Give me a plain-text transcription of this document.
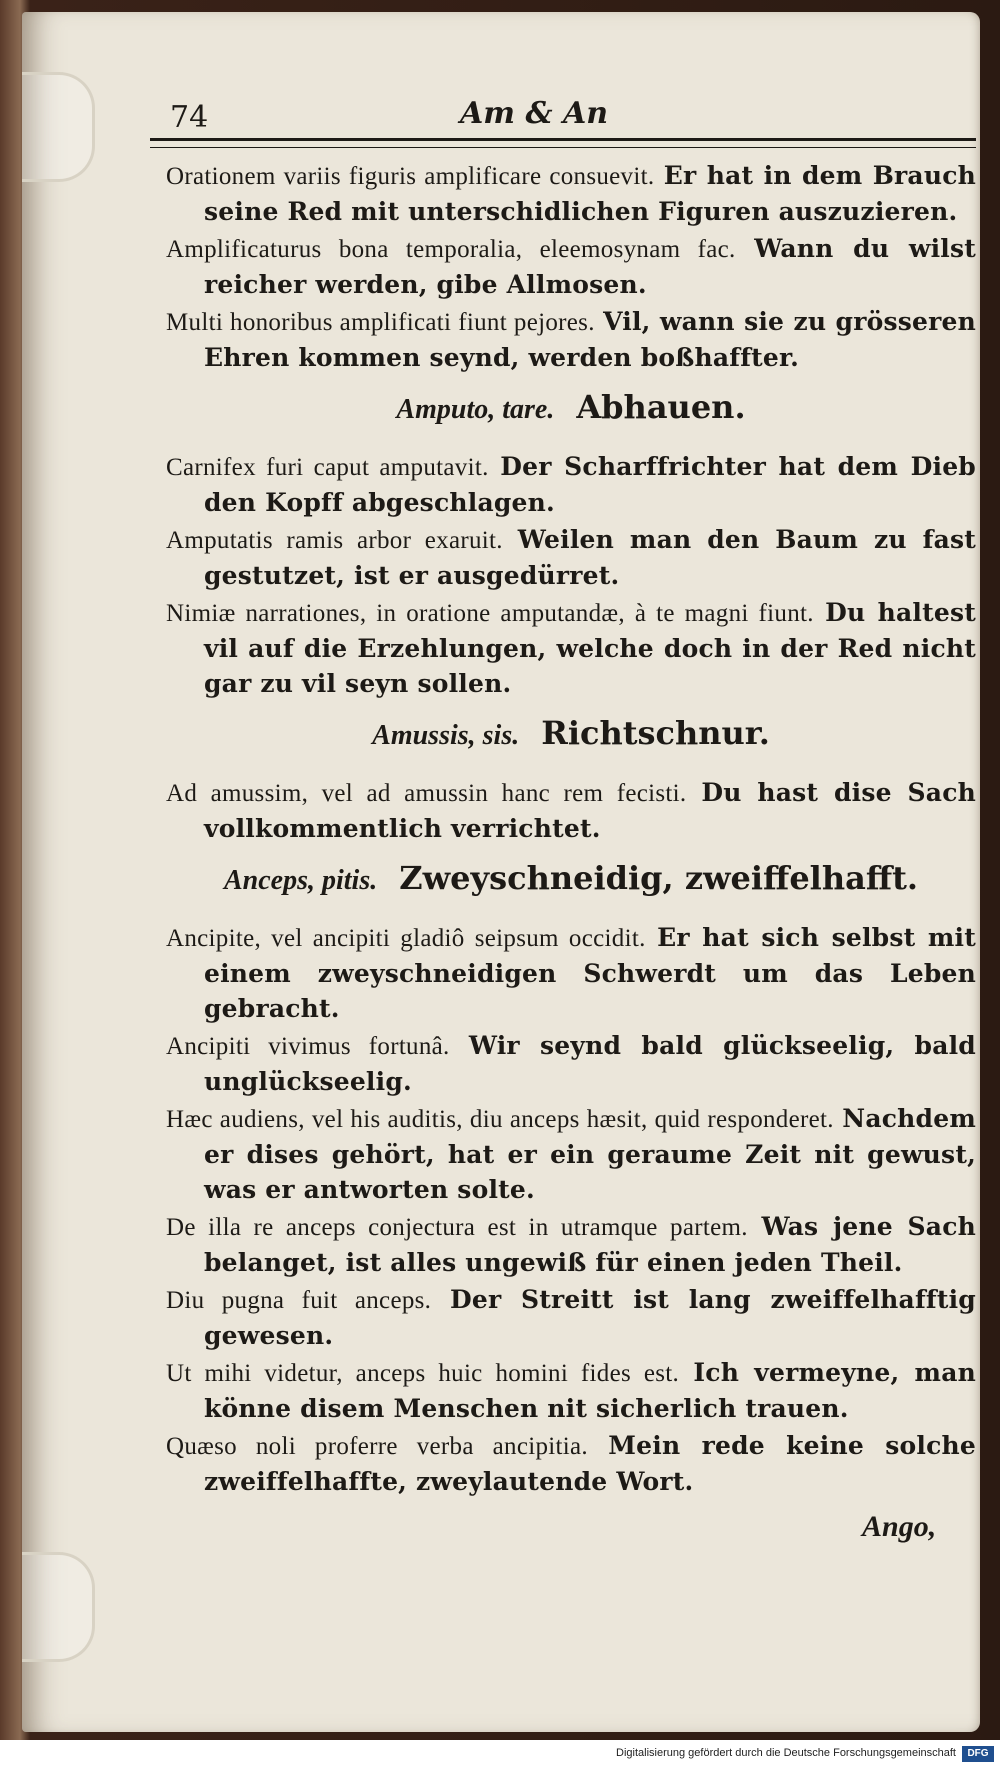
74	Am & An

Orationem variis figuris amplificare consuevit. Er hat in dem Brauch seine Red mit unterschidlichen Figuren auszuzieren.

Amplificaturus bona temporalia, eleemosynam fac. Wann du wilst reicher werden, gibe Allmosen.

Multi honoribus amplificati fiunt pejores. Vil, wann sie zu grösseren Ehren kommen seynd, werden boßhaffter.

Amputo, tare. Abhauen.

Carnifex furi caput amputavit. Der Scharffrichter hat dem Dieb den Kopff abgeschlagen.

Amputatis ramis arbor exaruit. Weilen man den Baum zu fast gestutzet, ist er ausgedürret.

Nimiæ narrationes, in oratione amputandæ, à te magni fiunt. Du haltest vil auf die Erzehlungen, welche doch in der Red nicht gar zu vil seyn sollen.

Amussis, sis. Richtschnur.

Ad amussim, vel ad amussin hanc rem fecisti. Du hast dise Sach vollkommentlich verrichtet.

Anceps, pitis. Zweyschneidig, zweiffelhafft.

Ancipite, vel ancipiti gladiô seipsum occidit. Er hat sich selbst mit einem zweyschneidigen Schwerdt um das Leben gebracht.

Ancipiti vivimus fortunâ. Wir seynd bald glückseelig, bald unglückseelig.

Hæc audiens, vel his auditis, diu anceps hæsit, quid responderet. Nachdem er dises gehört, hat er ein geraume Zeit nit gewust, was er antworten solte.

De illa re anceps conjectura est in utramque partem. Was jene Sach belanget, ist alles ungewiß für einen jeden Theil.

Diu pugna fuit anceps. Der Streitt ist lang zweiffelhafftig gewesen.

Ut mihi videtur, anceps huic homini fides est. Ich vermeyne, man könne disem Menschen nit sicherlich trauen.

Quæso noli proferre verba ancipitia. Mein rede keine solche zweiffelhaffte, zweylautende Wort.

Ango,
Digitalisierung gefördert durch die Deutsche Forschungsgemeinschaft	DFG
